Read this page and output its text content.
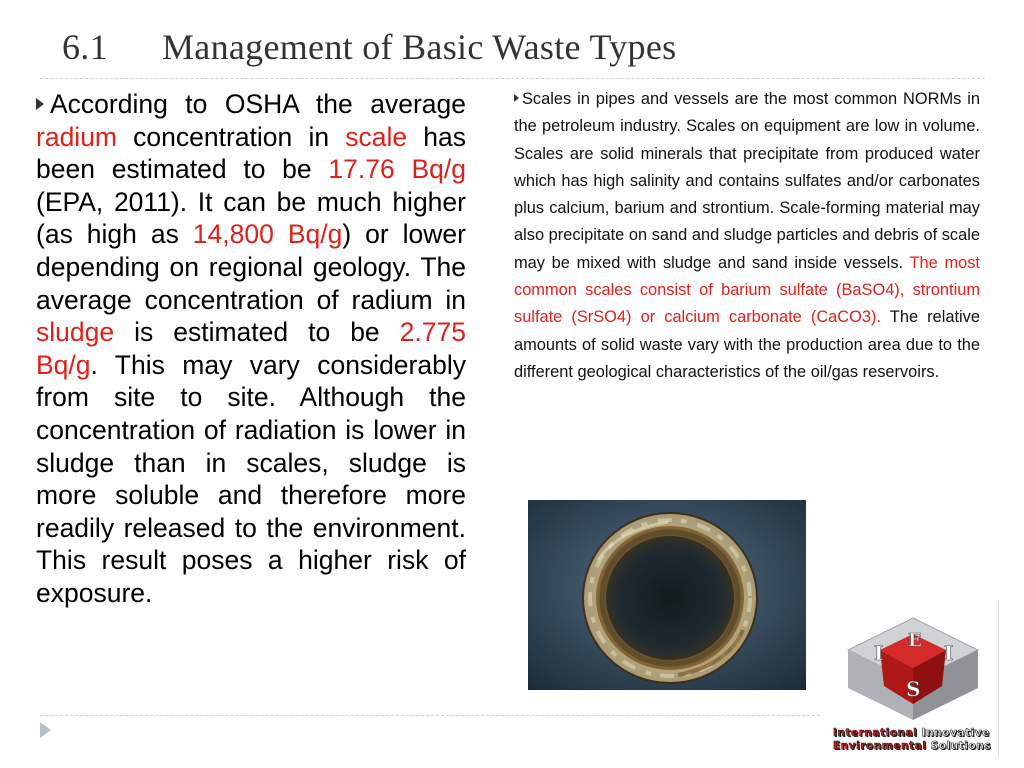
6.1 Management of Basic Waste Types
According to OSHA the average radium concentration in scale has been estimated to be 17.76 Bq/g (EPA, 2011). It can be much higher (as high as 14,800 Bq/g) or lower depending on regional geology. The average concentration of radium in sludge is estimated to be 2.775 Bq/g. This may vary considerably from site to site. Although the concentration of radiation is lower in sludge than in scales, sludge is more soluble and therefore more readily released to the environment. This result poses a higher risk of exposure.
Scales in pipes and vessels are the most common NORMs in the petroleum industry. Scales on equipment are low in volume. Scales are solid minerals that precipitate from produced water which has high salinity and contains sulfates and/or carbonates plus calcium, barium and strontium. Scale-forming material may also precipitate on sand and sludge particles and debris of scale may be mixed with sludge and sand inside vessels. The most common scales consist of barium sulfate (BaSO4), strontium sulfate (SrSO4) or calcium carbonate (CaCO3). The relative amounts of solid waste vary with the production area due to the different geological characteristics of the oil/gas reservoirs.
I	I
E
S
International Innovative
Environmental Solutions
